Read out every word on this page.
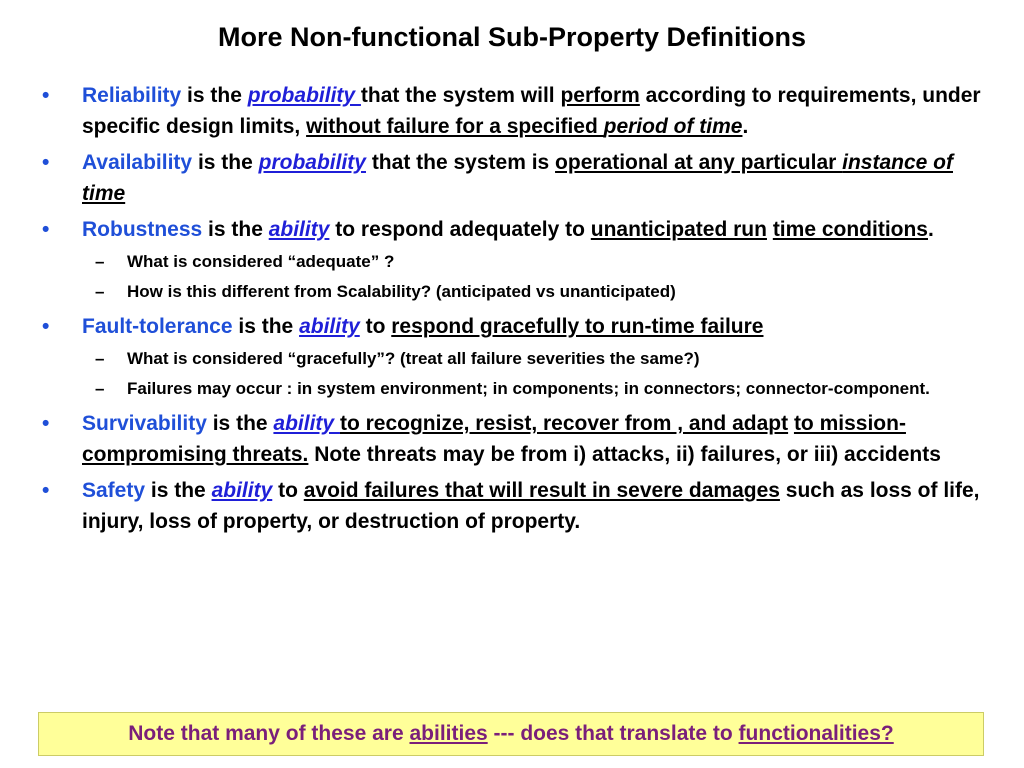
More Non-functional Sub-Property Definitions
• Reliability is the probability that the system will perform according to requirements, under specific design limits, without failure for a specified period of time.
• Availability is the probability that the system is operational at any particular instance of time
• Robustness is the ability to respond adequately to unanticipated run time conditions.
– What is considered “adequate” ?
– How is this different from Scalability? (anticipated vs unanticipated)
• Fault-tolerance is the ability to respond gracefully to run-time failure
– What is considered “gracefully”? (treat all failure severities the same?)
– Failures may occur : in system environment; in components; in connectors; connector-component.
• Survivability is the ability to recognize, resist, recover from , and adapt to mission-compromising threats. Note threats may be from i) attacks, ii) failures, or iii) accidents
• Safety is the ability to avoid failures that will result in severe damages such as loss of life, injury, loss of property, or destruction of property.
Note that many of these are abilities --- does that translate to functionalities?
